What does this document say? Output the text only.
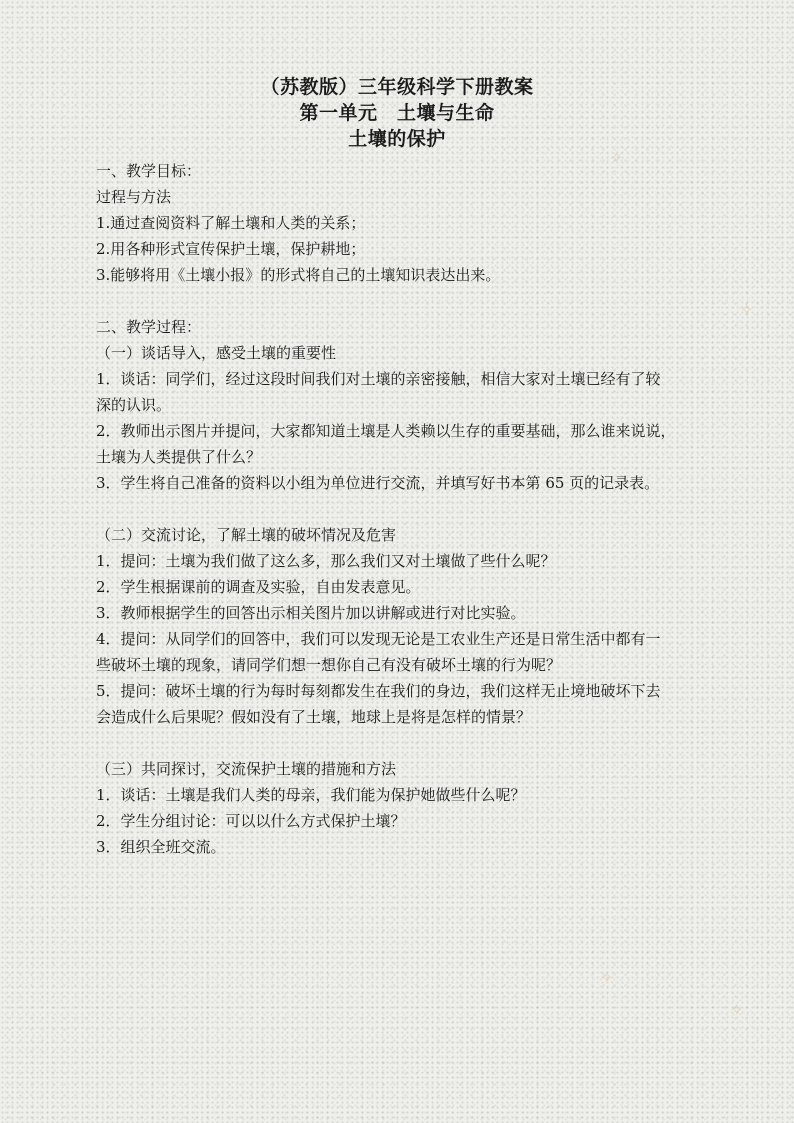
（苏教版）三年级科学下册教案
第一单元　土壤与生命
土壤的保护
一、教学目标：
过程与方法
1.通过查阅资料了解土壤和人类的关系；
2.用各种形式宣传保护土壤，保护耕地；
3.能够将用《土壤小报》的形式将自己的土壤知识表达出来。
二、教学过程：
（一）谈话导入，感受土壤的重要性
1．谈话：同学们，经过这段时间我们对土壤的亲密接触，相信大家对土壤已经有了较
深的认识。
2．教师出示图片并提问，大家都知道土壤是人类赖以生存的重要基础，那么谁来说说，
土壤为人类提供了什么？
3．学生将自己准备的资料以小组为单位进行交流，并填写好书本第 65 页的记录表。
（二）交流讨论，了解土壤的破坏情况及危害
1．提问：土壤为我们做了这么多，那么我们又对土壤做了些什么呢？
2．学生根据课前的调查及实验，自由发表意见。
3．教师根据学生的回答出示相关图片加以讲解或进行对比实验。
4．提问：从同学们的回答中，我们可以发现无论是工农业生产还是日常生活中都有一
些破坏土壤的现象，请同学们想一想你自己有没有破坏土壤的行为呢？
5．提问：破坏土壤的行为每时每刻都发生在我们的身边，我们这样无止境地破坏下去
会造成什么后果呢？假如没有了土壤，地球上是将是怎样的情景？
（三）共同探讨，交流保护土壤的措施和方法
1．谈话：土壤是我们人类的母亲，我们能为保护她做些什么呢？
2．学生分组讨论：可以以什么方式保护土壤？
3．组织全班交流。
✧
✧
✧
✧
